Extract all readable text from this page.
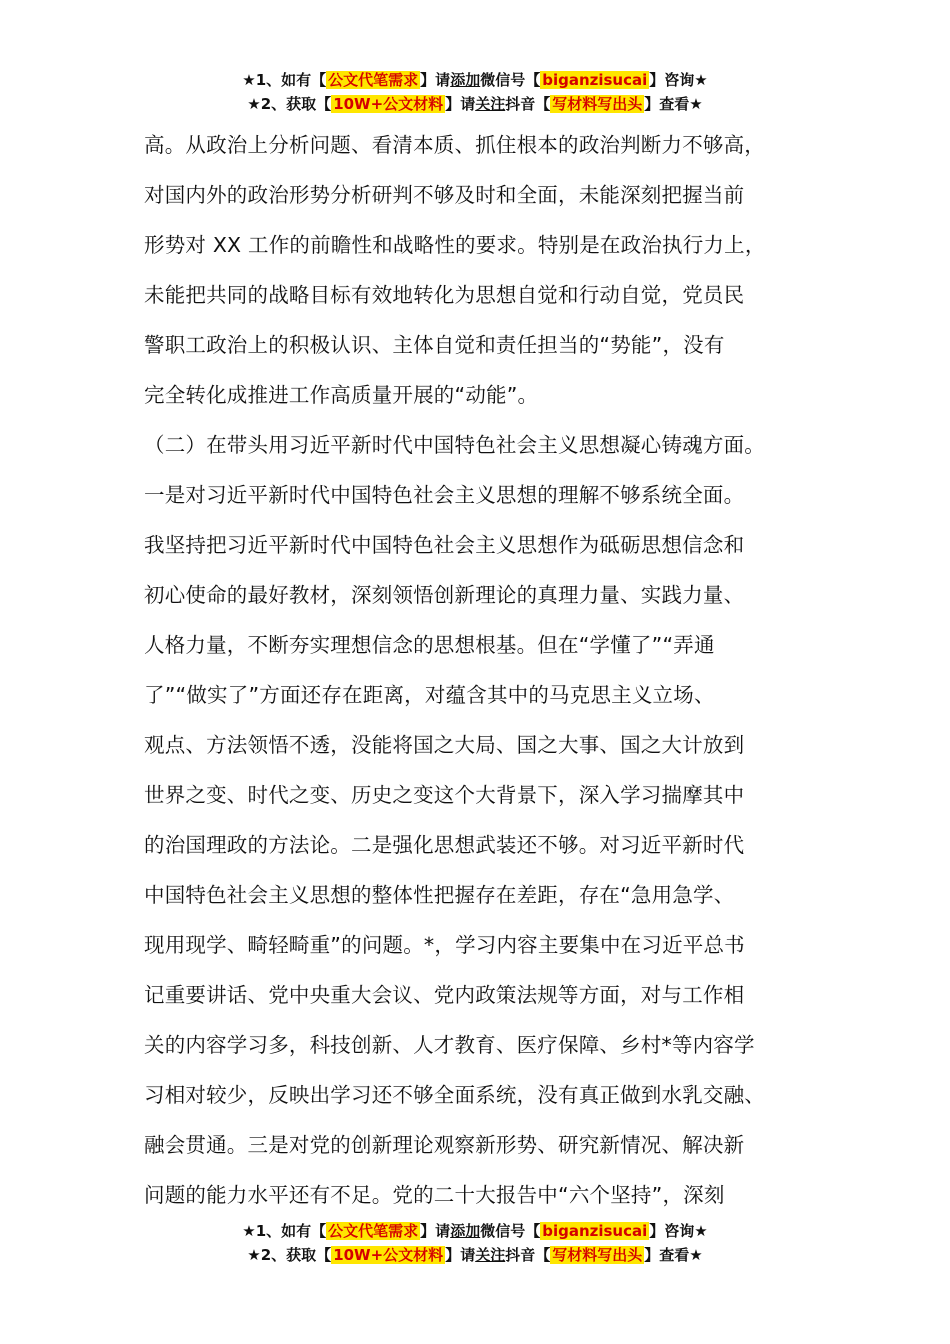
★1、如有【 公文代笔需求 】请添加微信号【 biganzisucai 】咨询★
★2、获取【 10W+公文材料 】请关注抖音【 写材料写出头 】查看★
高。从政治上分析问题、看清本质、抓住根本的政治判断力不够高，
对国内外的政治形势分析研判不够及时和全面，未能深刻把握当前
形势对 XX 工作的前瞻性和战略性的要求。特别是在政治执行力上，
未能把共同的战略目标有效地转化为思想自觉和行动自觉，党员民
警职工政治上的积极认识、主体自觉和责任担当的“势能”，没有
完全转化成推进工作高质量开展的“动能”。
（二）在带头用习近平新时代中国特色社会主义思想凝心铸魂方面。
一是对习近平新时代中国特色社会主义思想的理解不够系统全面。
我坚持把习近平新时代中国特色社会主义思想作为砥砺思想信念和
初心使命的最好教材，深刻领悟创新理论的真理力量、实践力量、
人格力量，不断夯实理想信念的思想根基。但在“学懂了”“弄通
了”“做实了”方面还存在距离，对蕴含其中的马克思主义立场、
观点、方法领悟不透，没能将国之大局、国之大事、国之大计放到
世界之变、时代之变、历史之变这个大背景下，深入学习揣摩其中
的治国理政的方法论。二是强化思想武装还不够。对习近平新时代
中国特色社会主义思想的整体性把握存在差距，存在“急用急学、
现用现学、畸轻畸重”的问题。*，学习内容主要集中在习近平总书
记重要讲话、党中央重大会议、党内政策法规等方面，对与工作相
关的内容学习多，科技创新、人才教育、医疗保障、乡村*等内容学
习相对较少，反映出学习还不够全面系统，没有真正做到水乳交融、
融会贯通。三是对党的创新理论观察新形势、研究新情况、解决新
问题的能力水平还有不足。党的二十大报告中“六个坚持”，深刻
★1、如有【 公文代笔需求 】请添加微信号【 biganzisucai 】咨询★
★2、获取【 10W+公文材料 】请关注抖音【 写材料写出头 】查看★
